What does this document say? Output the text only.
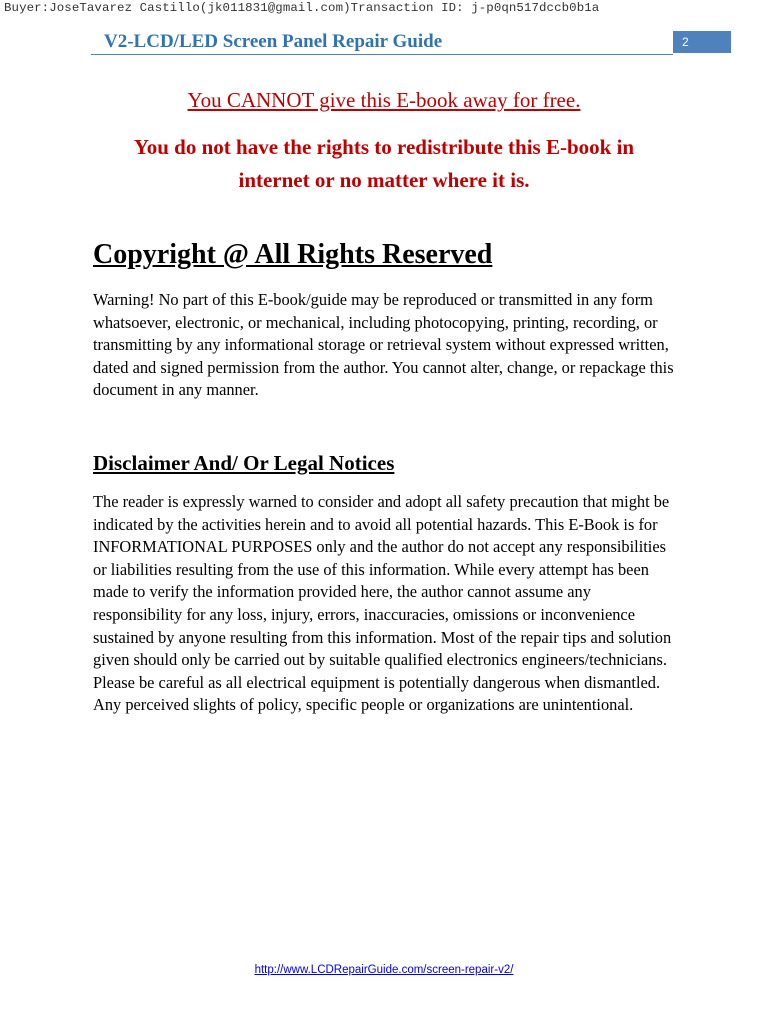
Buyer:JoseTavarez Castillo(jk011831@gmail.com)Transaction ID: j-p0qn517dccb0b1a
V2-LCD/LED Screen Panel Repair Guide	2
You CANNOT give this E-book away for free.
You do not have the rights to redistribute this E-book in internet or no matter where it is.
Copyright @ All Rights Reserved
Warning! No part of this E-book/guide may be reproduced or transmitted in any form whatsoever, electronic, or mechanical, including photocopying, printing, recording, or transmitting by any informational storage or retrieval system without expressed written, dated and signed permission from the author. You cannot alter, change, or repackage this document in any manner.
Disclaimer And/ Or Legal Notices
The reader is expressly warned to consider and adopt all safety precaution that might be indicated by the activities herein and to avoid all potential hazards. This E-Book is for INFORMATIONAL PURPOSES only and the author do not accept any responsibilities or liabilities resulting from the use of this information. While every attempt has been made to verify the information provided here, the author cannot assume any responsibility for any loss, injury, errors, inaccuracies, omissions or inconvenience sustained by anyone resulting from this information. Most of the repair tips and solution given should only be carried out by suitable qualified electronics engineers/technicians. Please be careful as all electrical equipment is potentially dangerous when dismantled. Any perceived slights of policy, specific people or organizations are unintentional.
http://www.LCDRepairGuide.com/screen-repair-v2/
